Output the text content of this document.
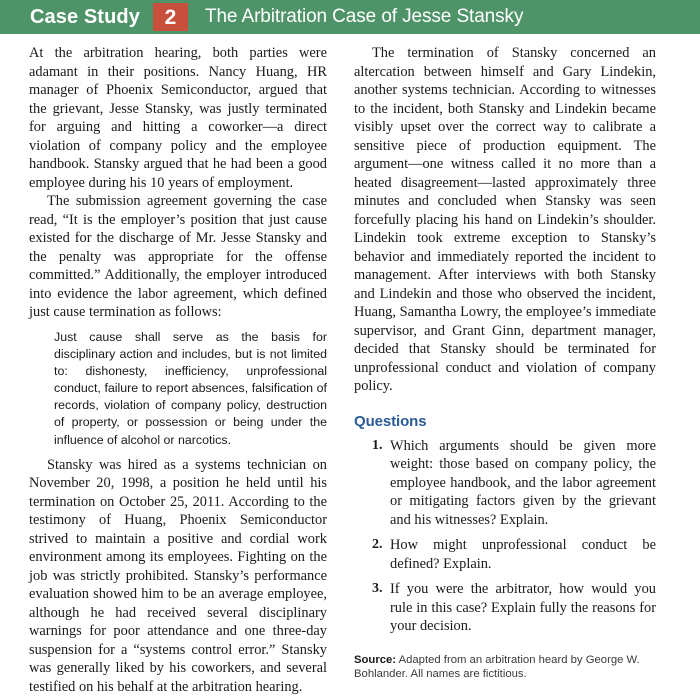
Case Study	2	The Arbitration Case of Jesse Stansky

At the arbitration hearing, both parties were adamant in their positions. Nancy Huang, HR manager of Phoenix Semiconductor, argued that the grievant, Jesse Stansky, was justly terminated for arguing and hitting a coworker—a direct violation of company policy and the employee handbook. Stansky argued that he had been a good employee during his 10 years of employment.

The submission agreement governing the case read, “It is the employer’s position that just cause existed for the discharge of Mr. Jesse Stansky and the penalty was appropriate for the offense committed.” Additionally, the employer introduced into evidence the labor agreement, which defined just cause termination as follows:

Just cause shall serve as the basis for disciplinary action and includes, but is not limited to: dishonesty, inefficiency, unprofessional conduct, failure to report absences, falsification of records, violation of company policy, destruction of property, or possession or being under the influence of alcohol or narcotics.

Stansky was hired as a systems technician on November 20, 1998, a position he held until his termination on October 25, 2011. According to the testimony of Huang, Phoenix Semiconductor strived to maintain a positive and cordial work environment among its employees. Fighting on the job was strictly prohibited. Stansky’s performance evaluation showed him to be an average employee, although he had received several disciplinary warnings for poor attendance and one three-day suspension for a “systems control error.” Stansky was generally liked by his coworkers, and several testified on his behalf at the arbitration hearing.

The termination of Stansky concerned an altercation between himself and Gary Lindekin, another systems technician. According to witnesses to the incident, both Stansky and Lindekin became visibly upset over the correct way to calibrate a sensitive piece of production equipment. The argument—one witness called it no more than a heated disagreement—lasted approximately three minutes and concluded when Stansky was seen forcefully placing his hand on Lindekin’s shoulder. Lindekin took extreme exception to Stansky’s behavior and immediately reported the incident to management. After interviews with both Stansky and Lindekin and those who observed the incident, Huang, Samantha Lowry, the employee’s immediate supervisor, and Grant Ginn, department manager, decided that Stansky should be terminated for unprofessional conduct and violation of company policy.

Questions
Which arguments should be given more weight: those based on company policy, the employee handbook, and the labor agreement or mitigating factors given by the grievant and his witnesses? Explain.
How might unprofessional conduct be defined? Explain.
If you were the arbitrator, how would you rule in this case? Explain fully the reasons for your decision.
Source: Adapted from an arbitration heard by George W. Bohlander. All names are fictitious.
